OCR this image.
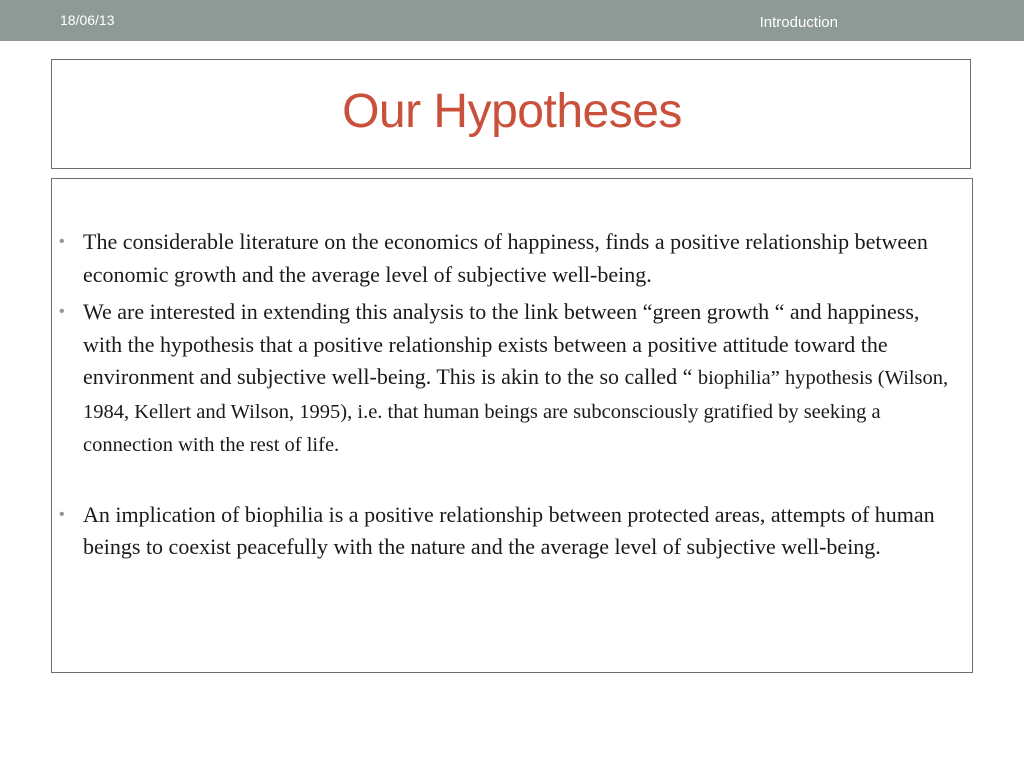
18/06/13	Introduction
Our Hypotheses
• The considerable literature on the economics of happiness, finds a positive relationship between economic growth and the average level of subjective well-being.
• We are interested in extending this analysis to the link between “green growth “ and happiness, with the hypothesis that a positive relationship exists between a positive attitude toward the environment and subjective well-being. This is akin to the so called “ biophilia” hypothesis (Wilson, 1984, Kellert and Wilson, 1995), i.e. that human beings are subconsciously gratified by seeking a connection with the rest of life.
• An implication of biophilia is a positive relationship between protected areas, attempts of human beings to coexist peacefully with the nature and the average level of subjective well-being.
